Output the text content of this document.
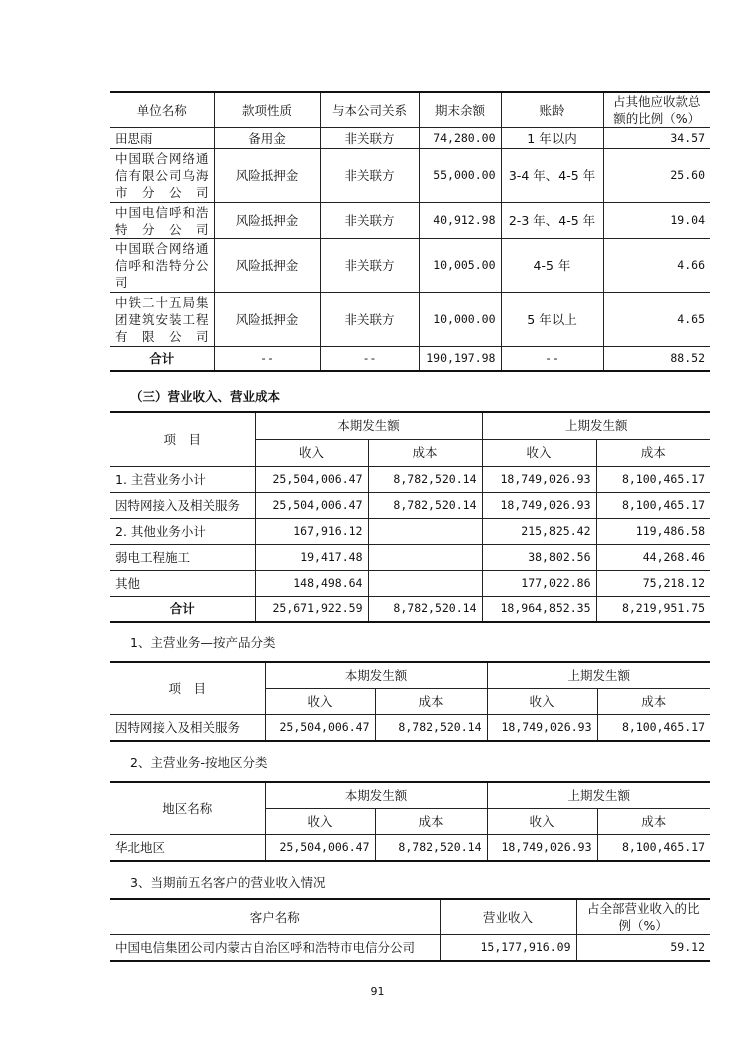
单位名称	款项性质	与本公司关系	期末余额	账龄	占其他应收款总额的比例（%）
田思雨	备用金	非关联方	74,280.00	1 年以内	34.57
中国联合网络通信有限公司乌海市分公司	风险抵押金	非关联方	55,000.00	3-4 年、4-5 年	25.60
中国电信呼和浩特分公司	风险抵押金	非关联方	40,912.98	2-3 年、4-5 年	19.04
中国联合网络通信呼和浩特分公司	风险抵押金	非关联方	10,005.00	4-5 年	4.66
中铁二十五局集团建筑安装工程有限公司	风险抵押金	非关联方	10,000.00	5 年以上	4.65
合计	--	--	190,197.98	--	88.52
（三）营业收入、营业成本
项　目	本期发生额		上期发生额	
	收入	成本	收入	成本
1. 主营业务小计	25,504,006.47	8,782,520.14	18,749,026.93	8,100,465.17
因特网接入及相关服务	25,504,006.47	8,782,520.14	18,749,026.93	8,100,465.17
2. 其他业务小计	167,916.12		215,825.42	119,486.58
弱电工程施工	19,417.48		38,802.56	44,268.46
其他	148,498.64		177,022.86	75,218.12
合计	25,671,922.59	8,782,520.14	18,964,852.35	8,219,951.75
1、主营业务—按产品分类
项　目	本期发生额		上期发生额	
	收入	成本	收入	成本
因特网接入及相关服务	25,504,006.47	8,782,520.14	18,749,026.93	8,100,465.17
2、主营业务-按地区分类
地区名称	本期发生额		上期发生额	
	收入	成本	收入	成本
华北地区	25,504,006.47	8,782,520.14	18,749,026.93	8,100,465.17
3、当期前五名客户的营业收入情况
客户名称	营业收入	占全部营业收入的比例（%）
中国电信集团公司内蒙古自治区呼和浩特市电信分公司	15,177,916.09	59.12
91
